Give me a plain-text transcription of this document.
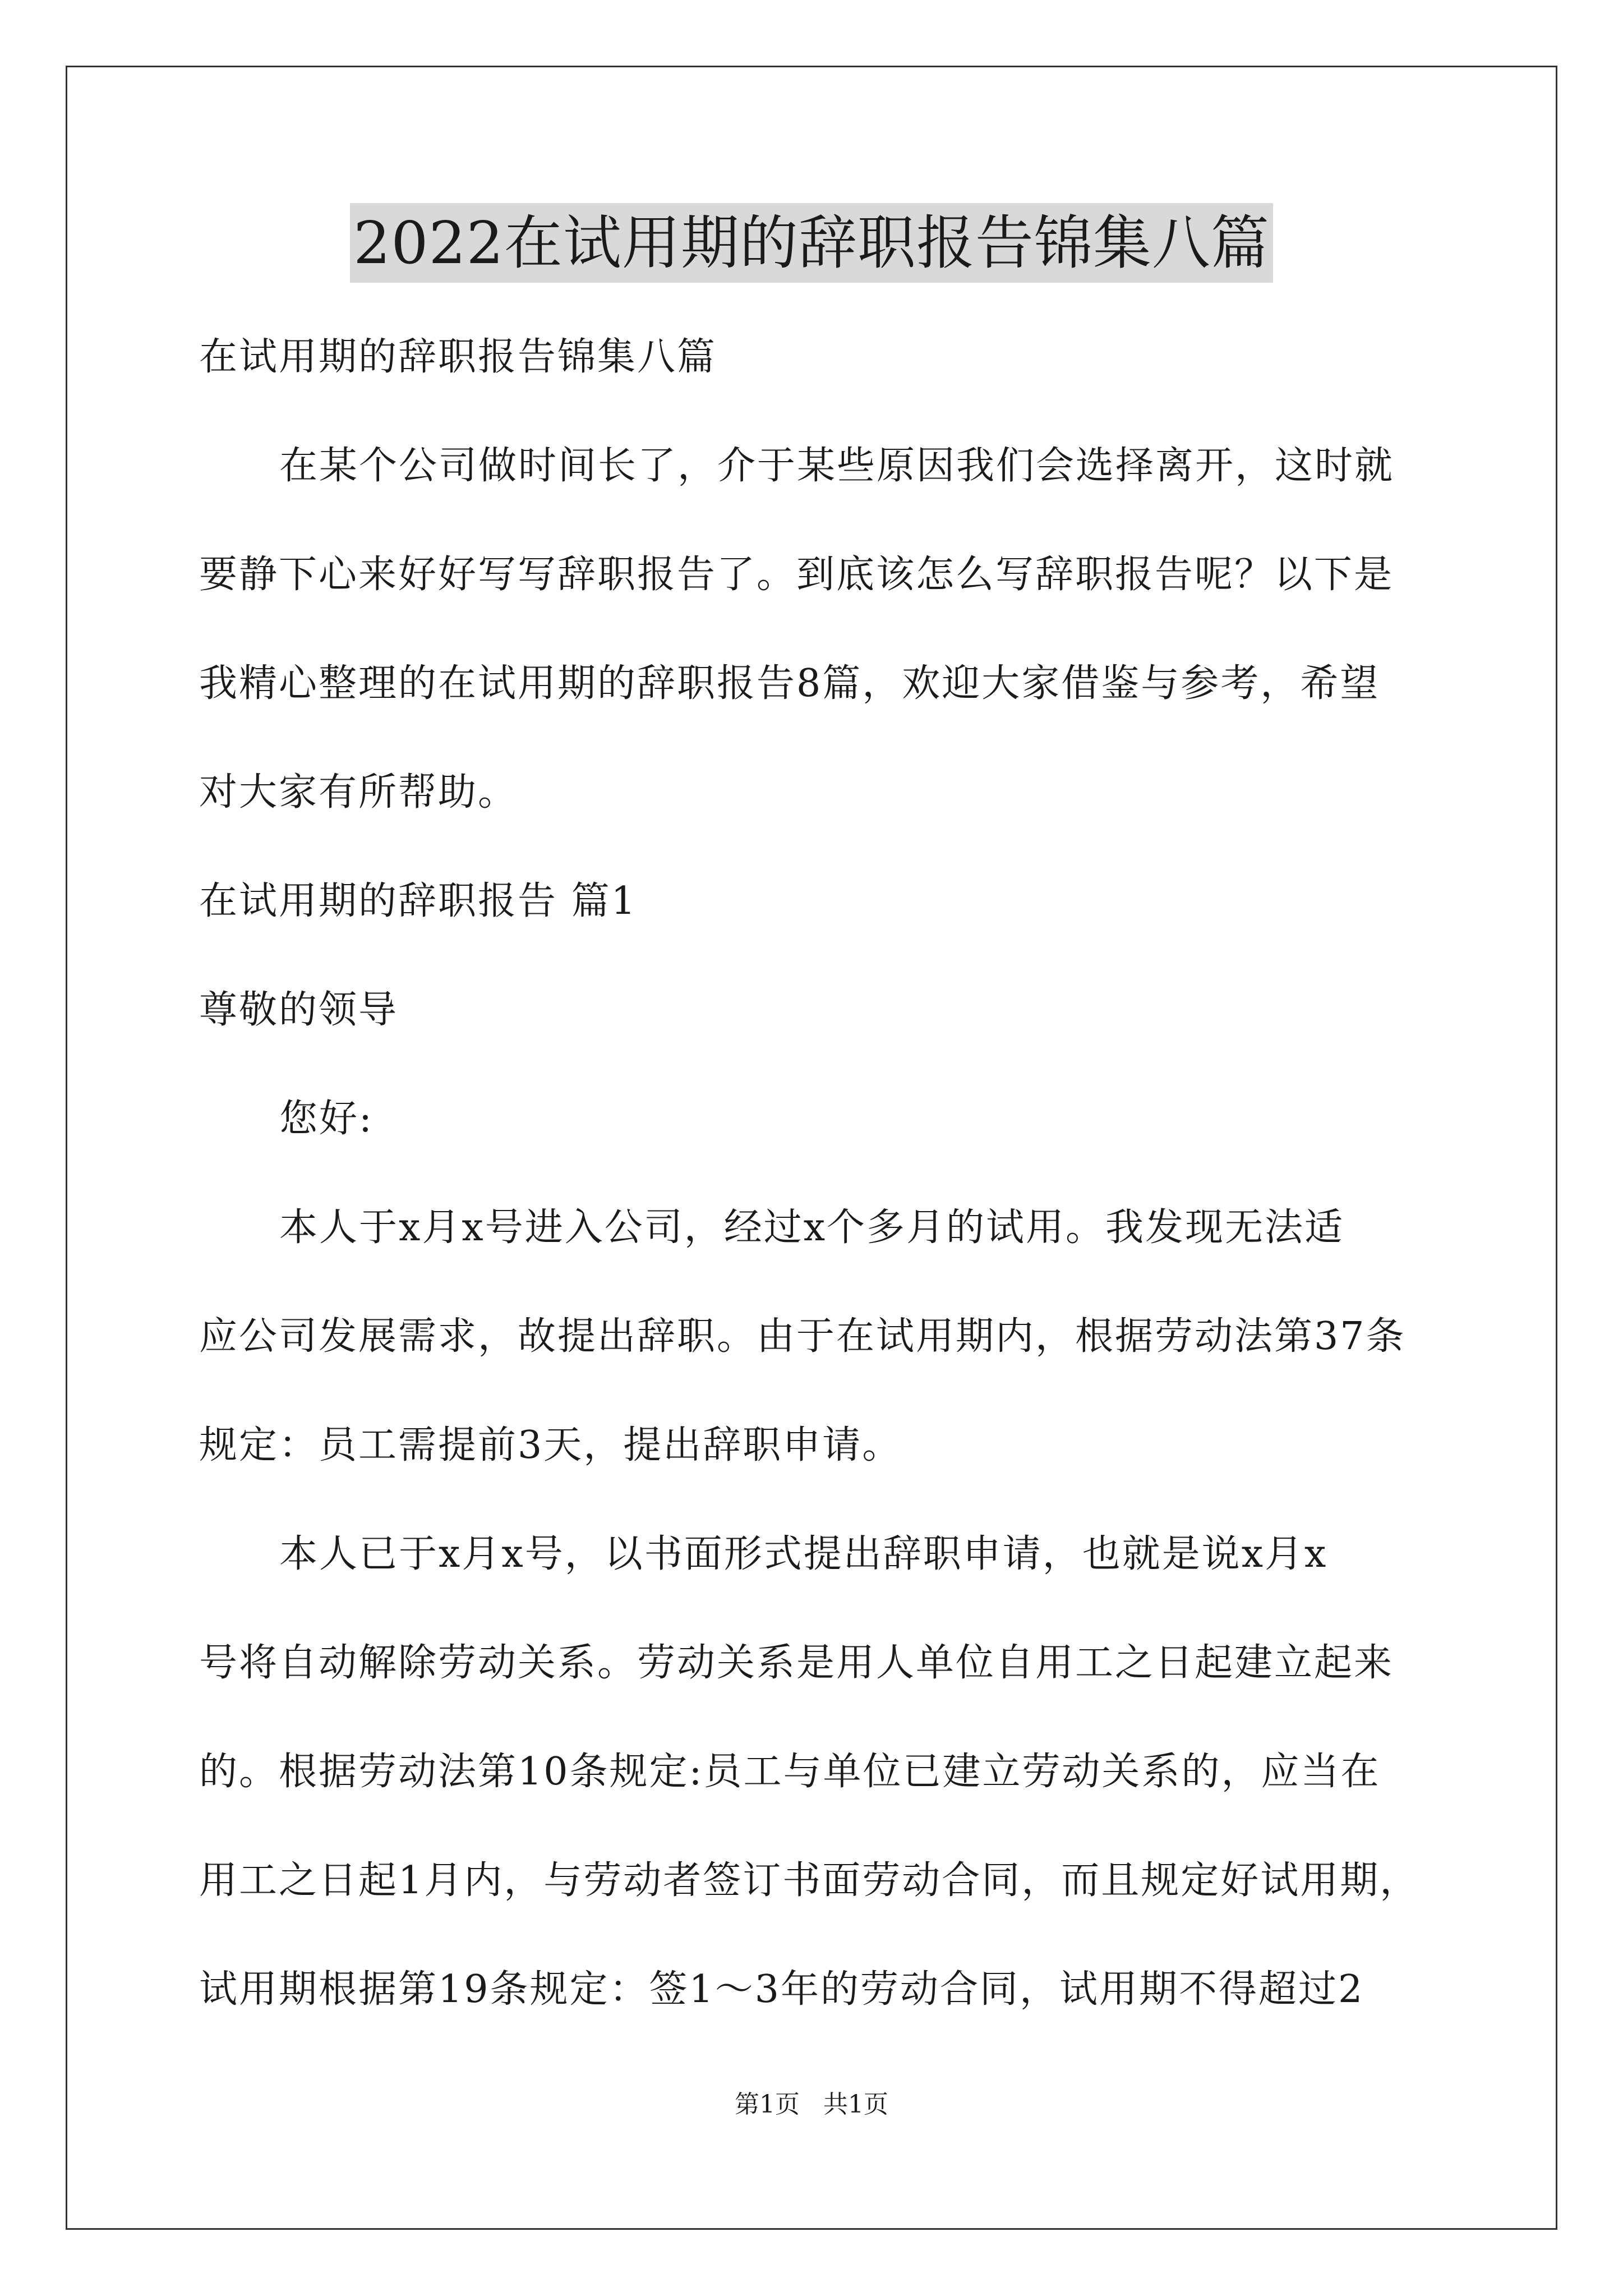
2022在试用期的辞职报告锦集八篇
在试用期的辞职报告锦集八篇
在某个公司做时间长了，介于某些原因我们会选择离开，这时就
要静下心来好好写写辞职报告了。到底该怎么写辞职报告呢？以下是
我精心整理的在试用期的辞职报告8篇，欢迎大家借鉴与参考，希望
对大家有所帮助。
在试用期的辞职报告 篇1
尊敬的领导
您好:
本人于x月x号进入公司，经过x个多月的试用。我发现无法适
应公司发展需求，故提出辞职。由于在试用期内，根据劳动法第37条
规定：员工需提前3天，提出辞职申请。
本人已于x月x号，以书面形式提出辞职申请，也就是说x月x
号将自动解除劳动关系。劳动关系是用人单位自用工之日起建立起来
的。根据劳动法第10条规定:员工与单位已建立劳动关系的，应当在
用工之日起1月内，与劳动者签订书面劳动合同，而且规定好试用期，
试用期根据第19条规定：签1～3年的劳动合同，试用期不得超过2
第1页   共1页
